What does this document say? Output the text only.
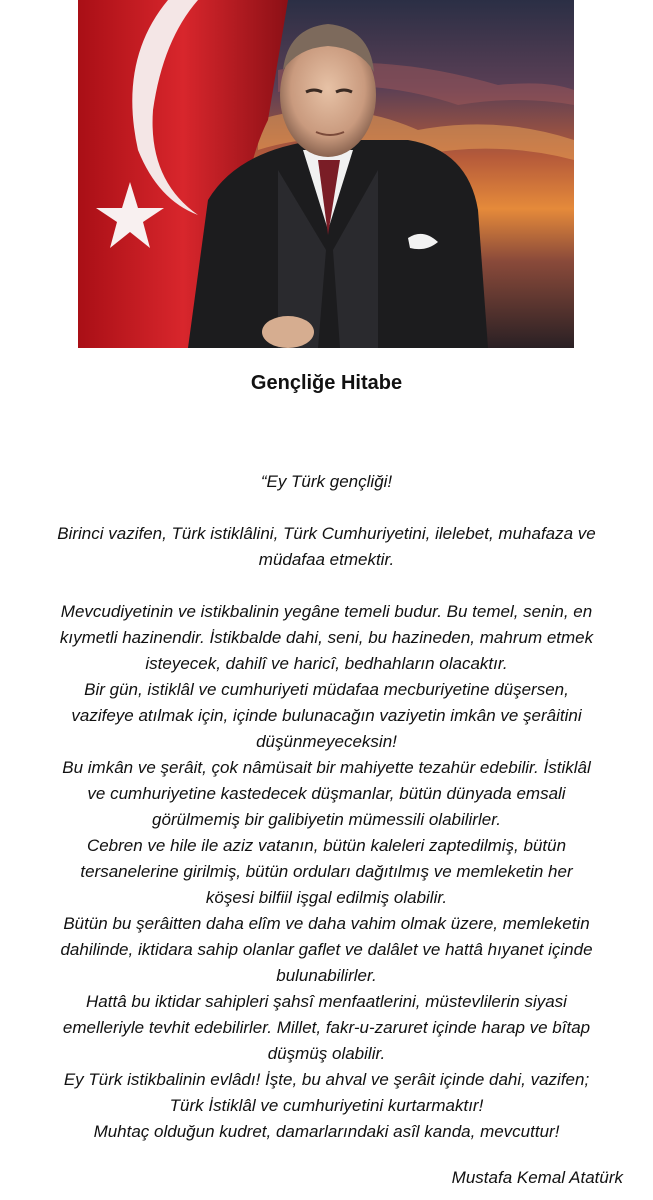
Gençliğe Hitabe

“Ey Türk gençliği!

Birinci vazifen, Türk istiklâlini, Türk Cumhuriyetini, ilelebet, muhafaza ve

müdafaa etmektir.

Mevcudiyetinin ve istikbalinin yegâne temeli budur. Bu temel, senin, en

kıymetli hazinendir. İstikbalde dahi, seni, bu hazineden, mahrum etmek

isteyecek, dahilî ve haricî, bedhahların olacaktır.

Bir gün, istiklâl ve cumhuriyeti müdafaa mecburiyetine düşersen,

vazifeye atılmak için, içinde bulunacağın vaziyetin imkân ve şerâitini

düşünmeyeceksin!

Bu imkân ve şerâit, çok nâmüsait bir mahiyette tezahür edebilir. İstiklâl

ve cumhuriyetine kastedecek düşmanlar, bütün dünyada emsali

görülmemiş bir galibiyetin mümessili olabilirler.

Cebren ve hile ile aziz vatanın, bütün kaleleri zaptedilmiş, bütün

tersanelerine girilmiş, bütün orduları dağıtılmış ve memleketin her

köşesi bilfiil işgal edilmiş olabilir.

Bütün bu şerâitten daha elîm ve daha vahim olmak üzere, memleketin

dahilinde, iktidara sahip olanlar gaflet ve dalâlet ve hattâ hıyanet içinde

bulunabilirler.

Hattâ bu iktidar sahipleri şahsî menfaatlerini, müstevlilerin siyasi

emelleriyle tevhit edebilirler. Millet, fakr-u-zaruret içinde harap ve bîtap

düşmüş olabilir.

Ey Türk istikbalinin evlâdı! İşte, bu ahval ve şerâit içinde dahi, vazifen;

Türk İstiklâl ve cumhuriyetini kurtarmaktır!

Muhtaç olduğun kudret, damarlarındaki asîl kanda, mevcuttur!

Mustafa Kemal Atatürk
